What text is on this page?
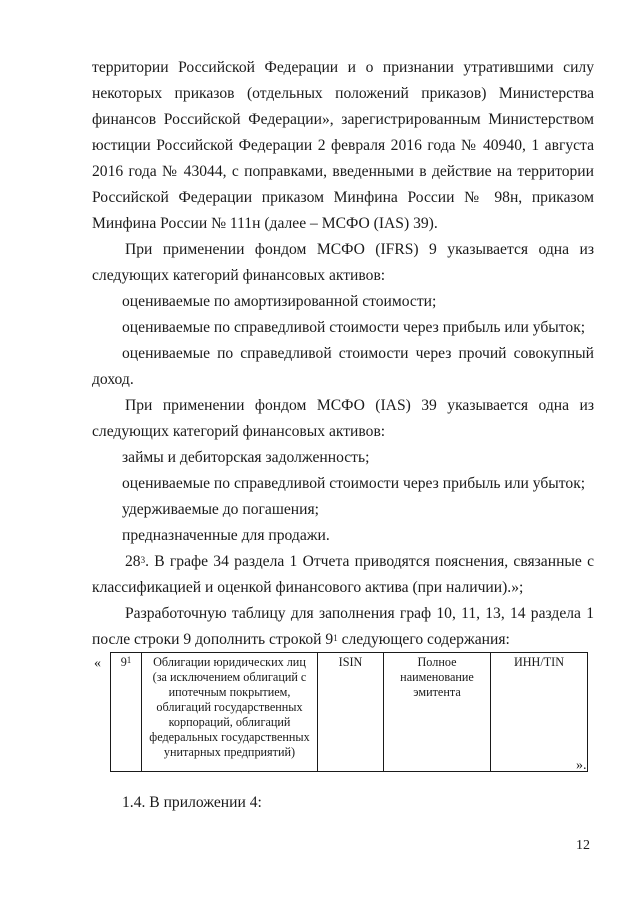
территории Российской Федерации и о признании утратившими силу
некоторых приказов (отдельных положений приказов) Министерства
финансов Российской Федерации», зарегистрированным Министерством
юстиции Российской Федерации 2 февраля 2016 года № 40940, 1 августа
2016 года № 43044, с поправками, введенными в действие на территории
Российской Федерации приказом Минфина России № 98н, приказом
Минфина России № 111н (далее – МСФО (IAS) 39).
При применении фондом МСФО (IFRS) 9 указывается одна из
следующих категорий финансовых активов:
оцениваемые по амортизированной стоимости;
оцениваемые по справедливой стоимости через прибыль или убыток;
оцениваемые по справедливой стоимости через прочий совокупный
доход.
При применении фондом МСФО (IAS) 39 указывается одна из
следующих категорий финансовых активов:
займы и дебиторская задолженность;
оцениваемые по справедливой стоимости через прибыль или убыток;
удерживаемые до погашения;
предназначенные для продажи.
$28^3$. В графе 34 раздела 1 Отчета приводятся пояснения, связанные с
классификацией и оценкой финансового актива (при наличии).»;
Разработочную таблицу для заполнения граф 10, 11, 13, 14 раздела 1
после строки 9 дополнить строкой $9^1$ следующего содержания:
« $9^1$	Облигации юридических лиц (за исключением облигаций с ипотечным покрытием, облигаций государственных корпораций, облигаций федеральных государственных унитарных предприятий)	ISIN	Полное наименование эмитента	ИНН/TIN
».
1.4. В приложении 4:
12
